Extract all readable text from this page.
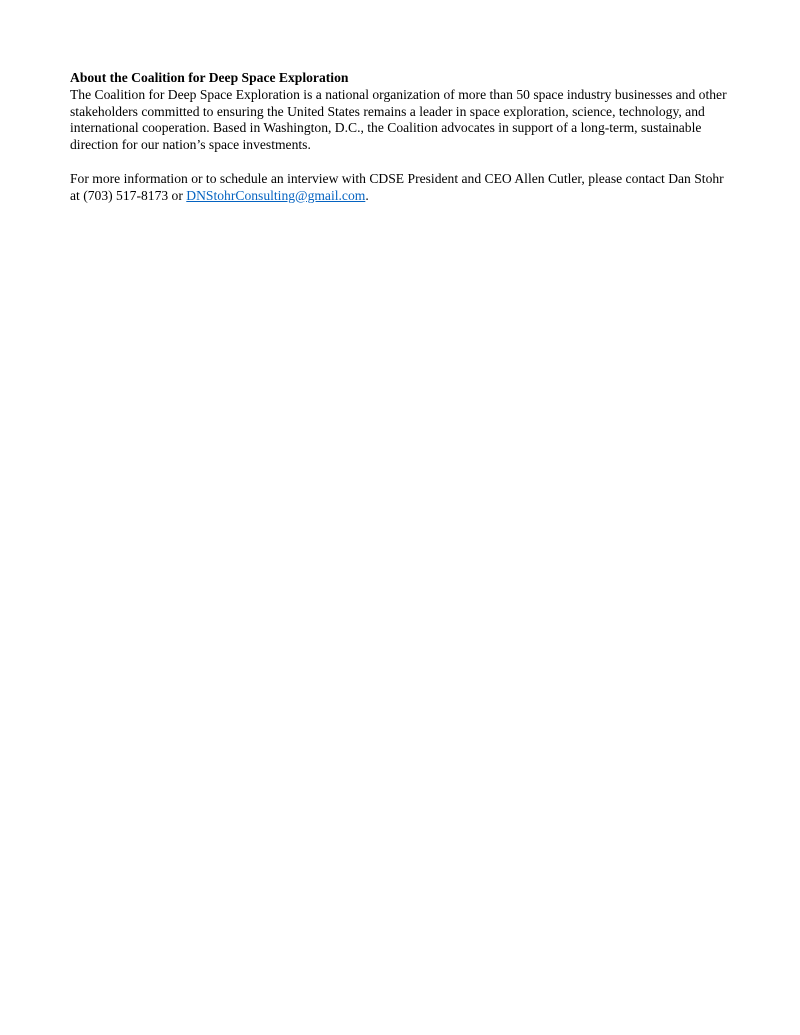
About the Coalition for Deep Space Exploration

The Coalition for Deep Space Exploration is a national organization of more than 50 space industry businesses and other stakeholders committed to ensuring the United States remains a leader in space exploration, science, technology, and international cooperation. Based in Washington, D.C., the Coalition advocates in support of a long-term, sustainable direction for our nation’s space investments.

For more information or to schedule an interview with CDSE President and CEO Allen Cutler, please contact Dan Stohr at (703) 517-8173 or DNStohrConsulting@gmail.com.
